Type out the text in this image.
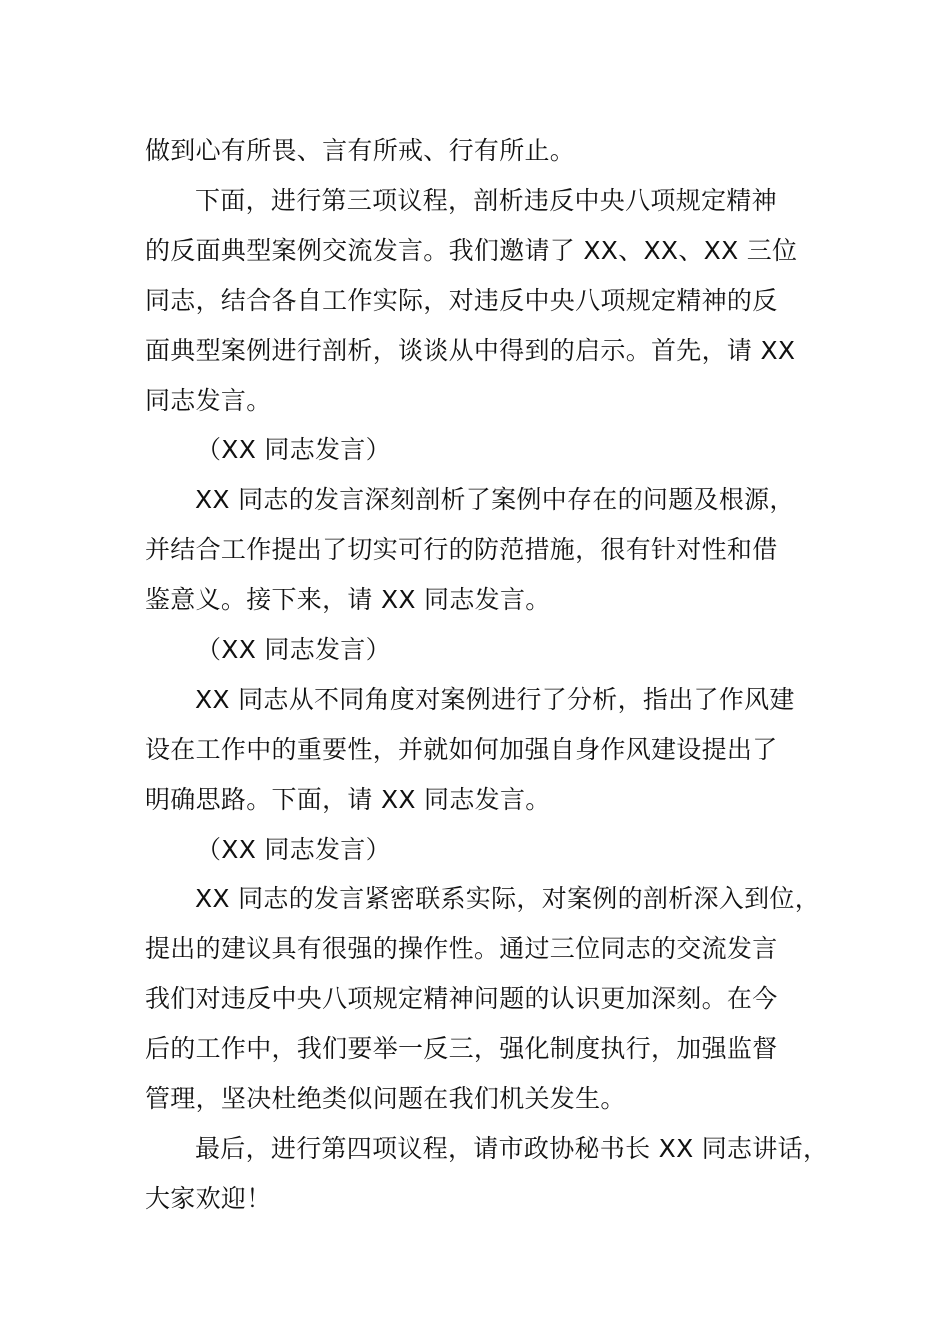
做到心有所畏、言有所戒、行有所止。
下面，进行第三项议程，剖析违反中央八项规定精神
的反面典型案例交流发言。我们邀请了 XX、XX、XX 三位
同志，结合各自工作实际，对违反中央八项规定精神的反
面典型案例进行剖析，谈谈从中得到的启示。首先，请 XX
同志发言。
（XX 同志发言）
XX 同志的发言深刻剖析了案例中存在的问题及根源，
并结合工作提出了切实可行的防范措施，很有针对性和借
鉴意义。接下来，请 XX 同志发言。
（XX 同志发言）
XX 同志从不同角度对案例进行了分析，指出了作风建
设在工作中的重要性，并就如何加强自身作风建设提出了
明确思路。下面，请 XX 同志发言。
（XX 同志发言）
XX 同志的发言紧密联系实际，对案例的剖析深入到位，
提出的建议具有很强的操作性。通过三位同志的交流发言
我们对违反中央八项规定精神问题的认识更加深刻。在今
后的工作中，我们要举一反三，强化制度执行，加强监督
管理，坚决杜绝类似问题在我们机关发生。
最后，进行第四项议程，请市政协秘书长 XX 同志讲话，
大家欢迎！
